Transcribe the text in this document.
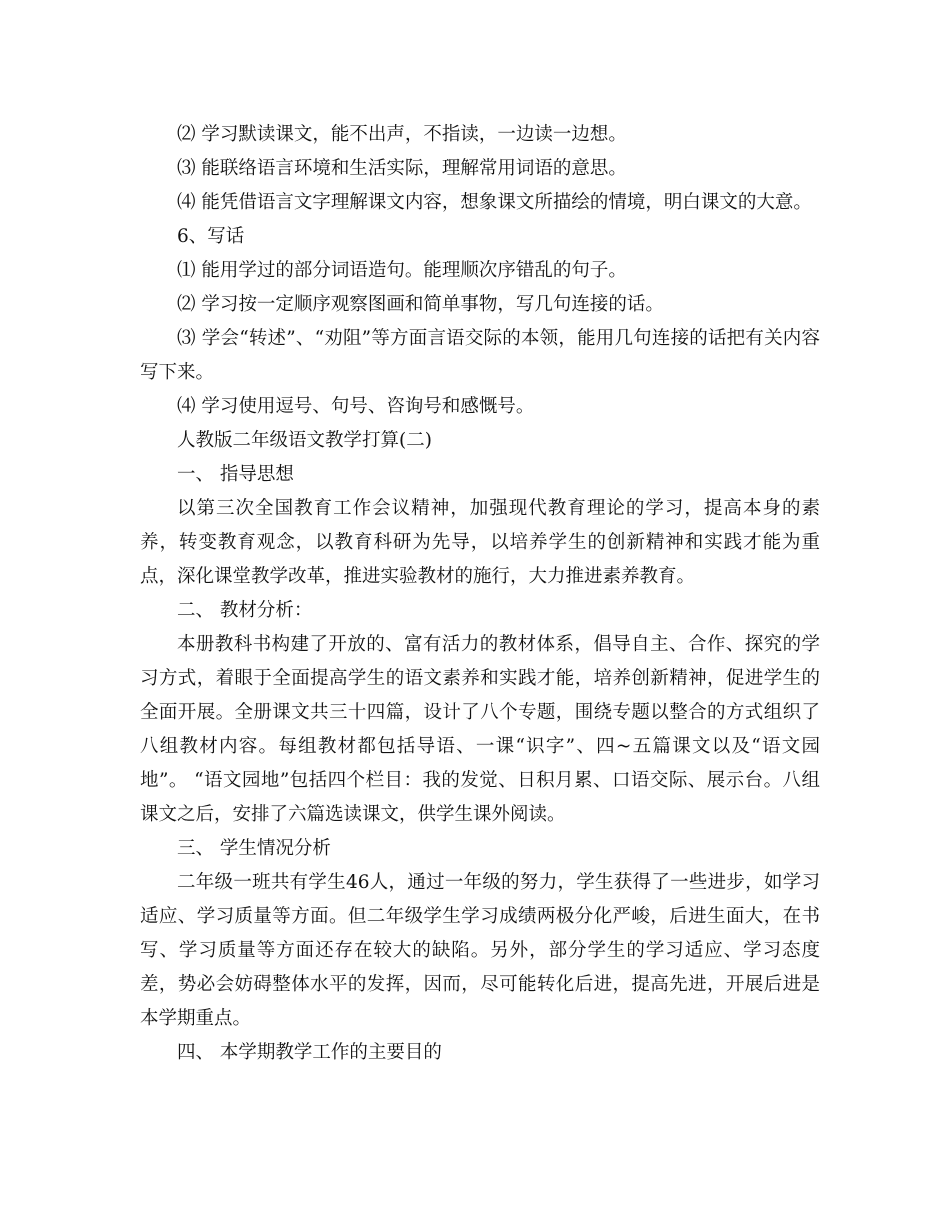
⑵ 学习默读课文，能不出声，不指读，一边读一边想。

⑶ 能联络语言环境和生活实际，理解常用词语的意思。

⑷ 能凭借语言文字理解课文内容，想象课文所描绘的情境，明白课文的大意。

6、写话

⑴ 能用学过的部分词语造句。能理顺次序错乱的句子。

⑵ 学习按一定顺序观察图画和简单事物，写几句连接的话。

⑶ 学会“转述”、“劝阻”等方面言语交际的本领，能用几句连接的话把有关内容写下来。

⑷ 学习使用逗号、句号、咨询号和感慨号。

人教版二年级语文教学打算(二)

一、 指导思想

以第三次全国教育工作会议精神，加强现代教育理论的学习，提高本身的素养，转变教育观念，以教育科研为先导，以培养学生的创新精神和实践才能为重点，深化课堂教学改革，推进实验教材的施行，大力推进素养教育。

二、 教材分析：

本册教科书构建了开放的、富有活力的教材体系，倡导自主、合作、探究的学习方式，着眼于全面提高学生的语文素养和实践才能，培养创新精神，促进学生的全面开展。全册课文共三十四篇，设计了八个专题，围绕专题以整合的方式组织了八组教材内容。每组教材都包括导语、一课“识字”、四~五篇课文以及“语文园地”。 “语文园地”包括四个栏目：我的发觉、日积月累、口语交际、展示台。八组课文之后，安排了六篇选读课文，供学生课外阅读。

三、 学生情况分析

二年级一班共有学生46人，通过一年级的努力，学生获得了一些进步，如学习适应、学习质量等方面。但二年级学生学习成绩两极分化严峻，后进生面大，在书写、学习质量等方面还存在较大的缺陷。另外，部分学生的学习适应、学习态度差，势必会妨碍整体水平的发挥，因而，尽可能转化后进，提高先进，开展后进是本学期重点。

四、 本学期教学工作的主要目的
